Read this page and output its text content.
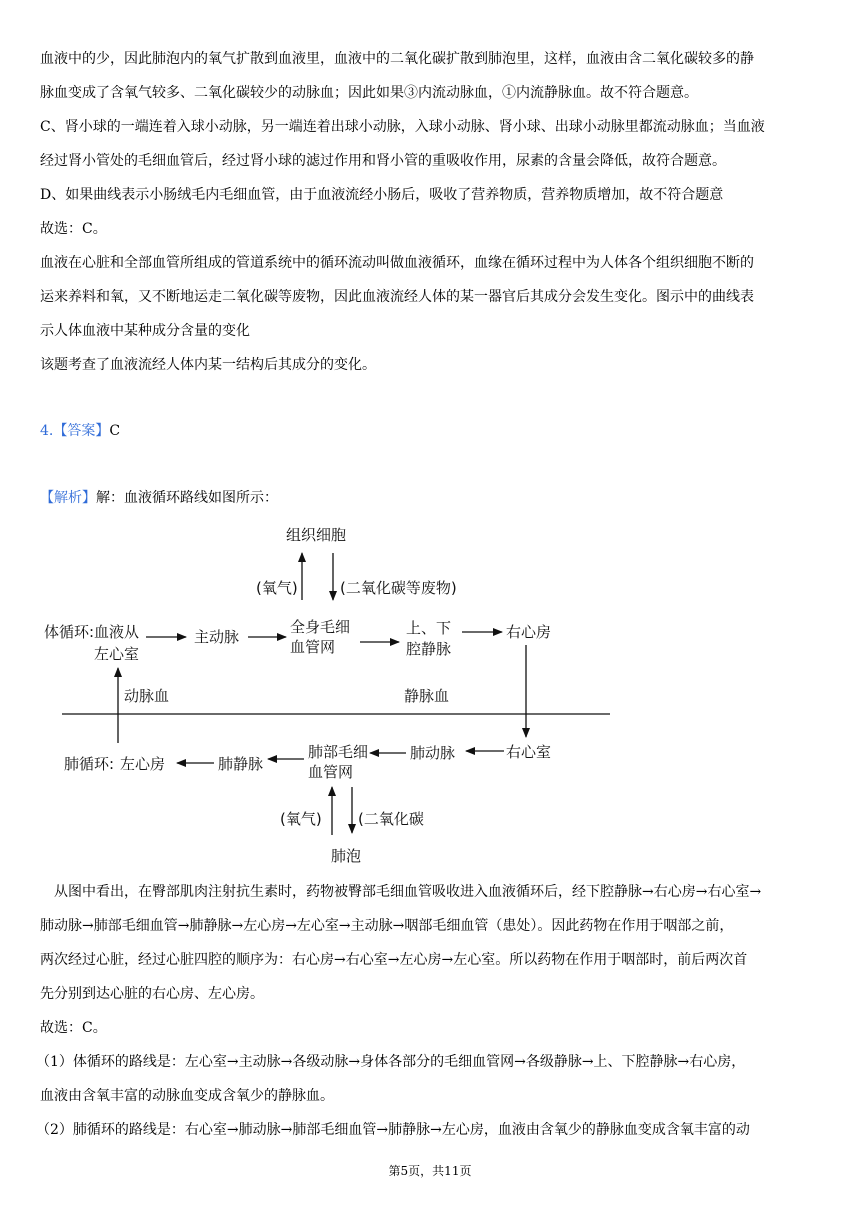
血液中的少，因此肺泡内的氧气扩散到血液里，血液中的二氧化碳扩散到肺泡里，这样，血液由含二氧化碳较多的静

脉血变成了含氧气较多、二氧化碳较少的动脉血；因此如果③内流动脉血，①内流静脉血。故不符合题意。

C、肾小球的一端连着入球小动脉，另一端连着出球小动脉，入球小动脉、肾小球、出球小动脉里都流动脉血；当血液

经过肾小管处的毛细血管后，经过肾小球的滤过作用和肾小管的重吸收作用，尿素的含量会降低，故符合题意。

D、如果曲线表示小肠绒毛内毛细血管，由于血液流经小肠后，吸收了营养物质，营养物质增加，故不符合题意

故选：C。

血液在心脏和全部血管所组成的管道系统中的循环流动叫做血液循环，血缘在循环过程中为人体各个组织细胞不断的

运来养料和氧，又不断地运走二氧化碳等废物，因此血液流经人体的某一器官后其成分会发生变化。图示中的曲线表

示人体血液中某种成分含量的变化

该题考查了血液流经人体内某一结构后其成分的变化。

4.【答案】C
【解析】解：血液循环路线如图所示：
组织细胞
(氧气)	(二氧化碳等废物)
体循环: 血液从
左心室
主动脉
全身毛细
血管网
上、下
腔静脉
右心房
动脉血	静脉血
肺循环: 左心房	肺静脉
肺部毛细
血管网
肺动脉	右心室
(氧气) (二氧化碳
肺泡

从图中看出，在臀部肌肉注射抗生素时，药物被臀部毛细血管吸收进入血液循环后，经下腔静脉→右心房→右心室→

肺动脉→肺部毛细血管→肺静脉→左心房→左心室→主动脉→咽部毛细血管（患处）。因此药物在作用于咽部之前，

两次经过心脏，经过心脏四腔的顺序为：右心房→右心室→左心房→左心室。所以药物在作用于咽部时，前后两次首

先分别到达心脏的右心房、左心房。

故选：C。

（1）体循环的路线是：左心室→主动脉→各级动脉→身体各部分的毛细血管网→各级静脉→上、下腔静脉→右心房，

血液由含氧丰富的动脉血变成含氧少的静脉血。

（2）肺循环的路线是：右心室→肺动脉→肺部毛细血管→肺静脉→左心房，血液由含氧少的静脉血变成含氧丰富的动

第5页，共11页
